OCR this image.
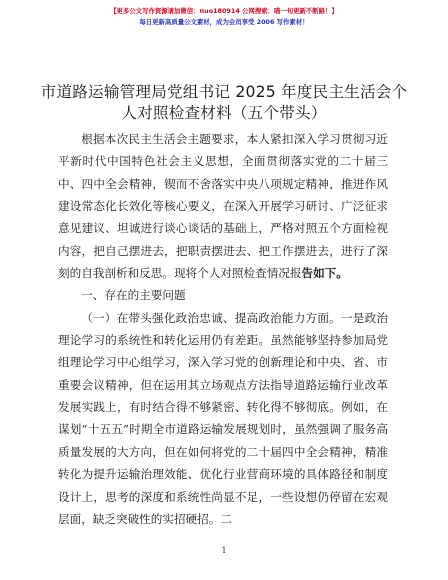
【更多公文写作资源请加微信：nuo180914 公网搜索：喵一句更新不断路！】
每日更新高质量公文素材，成为会员享受 2006 写作素材！
市道路运输管理局党组书记 2025 年度民主生活会个人对照检查材料（五个带头）

根据本次民主生活会主题要求，本人紧扣深入学习贯彻习近平新时代中国特色社会主义思想，全面贯彻落实党的二十届三中、四中全会精神，锲而不舍落实中央八项规定精神，推进作风建设常态化长效化等核心要义，在深入开展学习研讨、广泛征求意见建议、坦诚进行谈心谈话的基础上，严格对照五个方面检视内容，把自己摆进去，把职责摆进去、把工作摆进去，进行了深刻的自我剖析和反思。现将个人对照检查情况报告如下。

一、存在的主要问题

（一）在带头强化政治忠诚、提高政治能力方面。一是政治理论学习的系统性和转化运用仍有差距。虽然能够坚持参加局党组理论学习中心组学习，深入学习党的创新理论和中央、省、市重要会议精神，但在运用其立场观点方法指导道路运输行业改革发展实践上，有时结合得不够紧密、转化得不够彻底。例如，在谋划“十五五”时期全市道路运输发展规划时，虽然强调了服务高质量发展的大方向，但在如何将党的二十届四中全会精神，精准转化为提升运输治理效能、优化行业营商环境的具体路径和制度设计上，思考的深度和系统性尚显不足，一些设想仍停留在宏观层面，缺乏突破性的实招硬招。二

1
